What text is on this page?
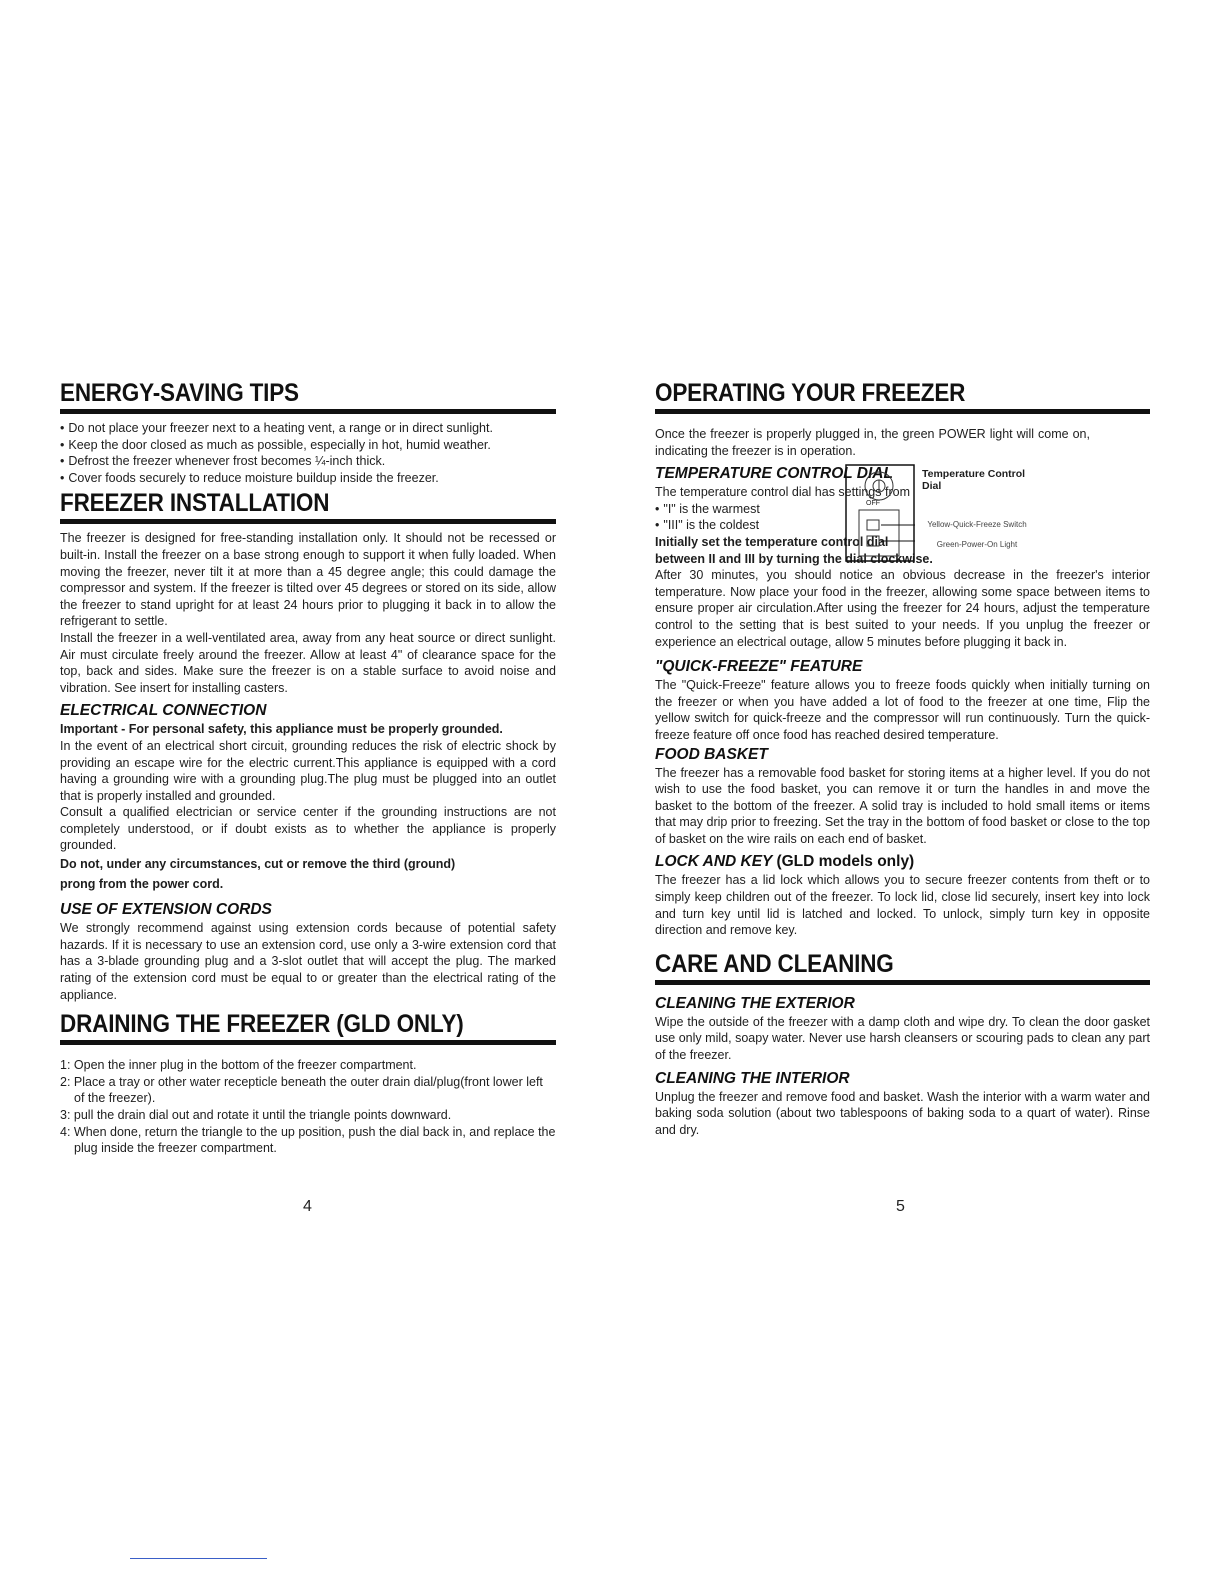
ENERGY-SAVING TIPS
• Do not place your freezer next to a heating vent, a range or in direct sunlight.
• Keep the door closed as much as possible, especially in hot, humid weather.
• Defrost the freezer whenever frost becomes ¼-inch thick.
• Cover foods securely to reduce moisture buildup inside the freezer.
FREEZER INSTALLATION

The freezer is designed for free-standing installation only. It should not be recessed or built-in. Install the freezer on a base strong enough to support it when fully loaded. When moving the freezer, never tilt it at more than a 45 degree angle; this could damage the compressor and system. If the freezer is tilted over 45 degrees or stored on its side, allow the freezer to stand upright for at least 24 hours prior to plugging it back in to allow the refrigerant to settle.

Install the freezer in a well-ventilated area, away from any heat source or direct sunlight. Air must circulate freely around the freezer. Allow at least 4" of clearance space for the top, back and sides. Make sure the freezer is on a stable surface to avoid noise and vibration. See insert for installing casters.

ELECTRICAL CONNECTION

Important - For personal safety, this appliance must be properly grounded.

In the event of an electrical short circuit, grounding reduces the risk of electric shock by providing an escape wire for the electric current.This appliance is equipped with a cord having a grounding wire with a grounding plug.The plug must be plugged into an outlet that is properly installed and grounded.

Consult a qualified electrician or service center if the grounding instructions are not completely understood, or if doubt exists as to whether the appliance is properly grounded.

Do not, under any circumstances, cut or remove the third (ground)

prong from the power cord.

USE OF EXTENSION CORDS

We strongly recommend against using extension cords because of potential safety hazards. If it is necessary to use an extension cord, use only a 3-wire extension cord that has a 3-blade grounding plug and a 3-slot outlet that will accept the plug. The marked rating of the extension cord must be equal to or greater than the electrical rating of the appliance.

DRAINING THE FREEZER (GLD ONLY)

1: Open the inner plug in the bottom of the freezer compartment.

2: Place a tray or other water recepticle beneath the outer drain dial/plug(front lower left of the freezer).

3: pull the drain dial out and rotate it until the triangle points downward.

4: When done, return the triangle to the up position, push the dial back in, and replace the plug inside the freezer compartment.

4
OPERATING YOUR FREEZER

Once the freezer is properly plugged in, the green POWER light will come on, indicating the freezer is in operation.

TEMPERATURE CONTROL DIAL

The temperature control dial has settings from

• "I" is the warmest
• "III" is the coldest

Initially set the temperature control dial

between II and III by turning the dial clockwise.

After 30 minutes, you should notice an obvious decrease in the freezer's interior temperature. Now place your food in the freezer, allowing some space between items to ensure proper air circulation.After using the freezer for 24 hours, adjust the temperature control to the setting that is best suited to your needs. If you unplug the freezer or experience an electrical outage, allow 5 minutes before plugging it back in.

OFF
Temperature Control Dial
Yellow-Quick-Freeze Switch
Green-Power-On Light
"QUICK-FREEZE" FEATURE

The "Quick-Freeze" feature allows you to freeze foods quickly when initially turning on the freezer or when you have added a lot of food to the freezer at one time, Flip the yellow switch for quick-freeze and the compressor will run continuously. Turn the quick-freeze feature off once food has reached desired temperature.

FOOD BASKET

The freezer has a removable food basket for storing items at a higher level. If you do not wish to use the food basket, you can remove it or turn the handles in and move the basket to the bottom of the freezer. A solid tray is included to hold small items or items that may drip prior to freezing. Set the tray in the bottom of food basket or close to the top of basket on the wire rails on each end of basket.

LOCK AND KEY (GLD models only)

The freezer has a lid lock which allows you to secure freezer contents from theft or to simply keep children out of the freezer. To lock lid, close lid securely, insert key into lock and turn key until lid is latched and locked. To unlock, simply turn key in opposite direction and remove key.

CARE AND CLEANING
CLEANING THE EXTERIOR

Wipe the outside of the freezer with a damp cloth and wipe dry. To clean the door gasket use only mild, soapy water. Never use harsh cleansers or scouring pads to clean any part of the freezer.

CLEANING THE INTERIOR

Unplug the freezer and remove food and basket. Wash the interior with a warm water and baking soda solution (about two tablespoons of baking soda to a quart of water). Rinse and dry.

5
